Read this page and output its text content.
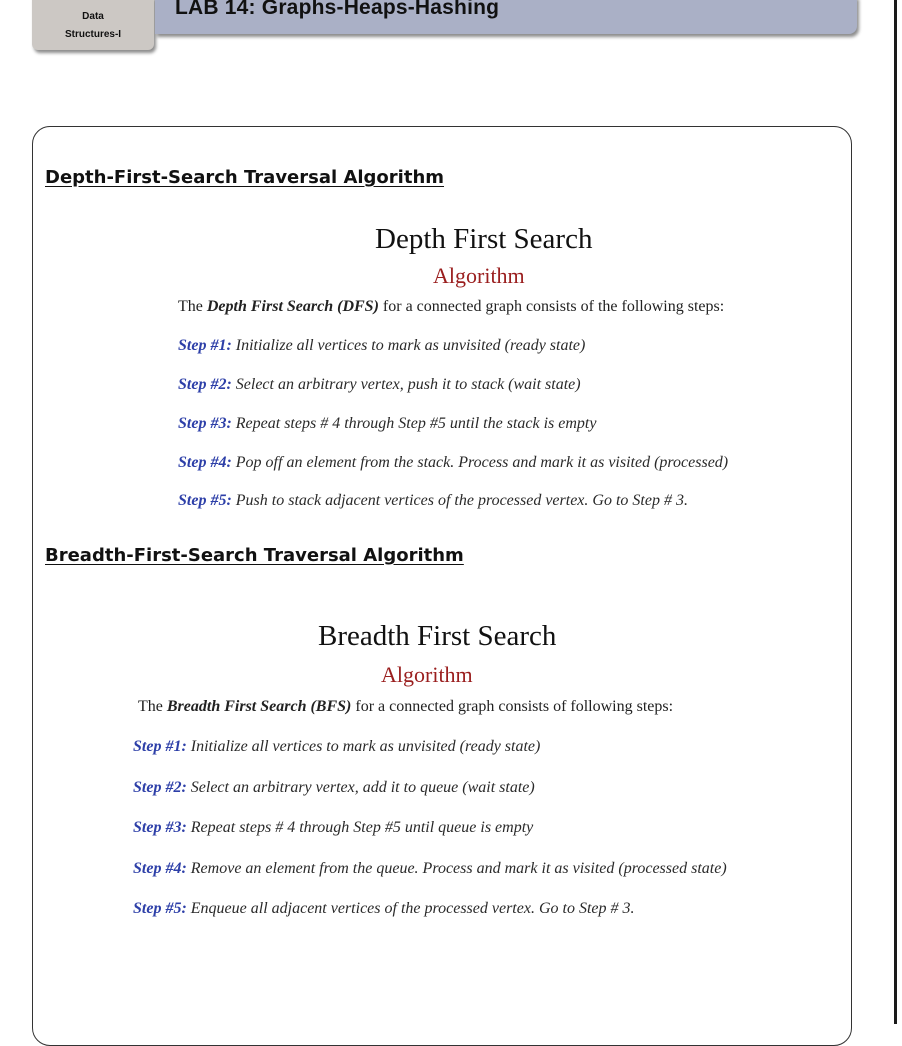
Data
Structures-I
LAB 14: Graphs-Heaps-Hashing
Depth-First-Search Traversal Algorithm
Depth First Search
Algorithm
The Depth First Search (DFS) for a connected graph consists of the following steps:
Step #1: Initialize all vertices to mark as unvisited (ready state)
Step #2: Select an arbitrary vertex, push it to stack (wait state)
Step #3: Repeat steps # 4 through Step #5 until the stack is empty
Step #4: Pop off an element from the stack. Process and mark it as visited (processed)
Step #5: Push to stack adjacent vertices of the processed vertex. Go to Step # 3.
Breadth-First-Search Traversal Algorithm
Breadth First Search
Algorithm
The Breadth First Search (BFS) for a connected graph consists of following steps:
Step #1: Initialize all vertices to mark as unvisited (ready state)
Step #2: Select an arbitrary vertex, add it to queue (wait state)
Step #3: Repeat steps # 4 through Step #5 until queue is empty
Step #4: Remove an element from the queue. Process and mark it as visited (processed state)
Step #5: Enqueue all adjacent vertices of the processed vertex. Go to Step # 3.
